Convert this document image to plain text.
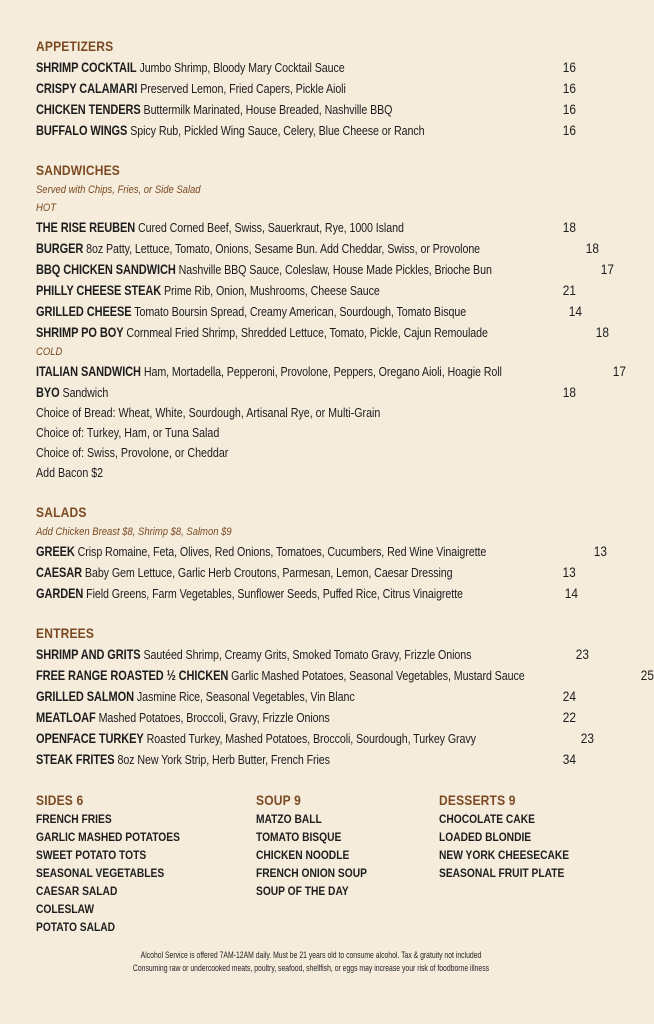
APPETIZERS
SHRIMP COCKTAIL Jumbo Shrimp, Bloody Mary Cocktail Sauce	16
CRISPY CALAMARI Preserved Lemon, Fried Capers, Pickle Aioli	16
CHICKEN TENDERS Buttermilk Marinated, House Breaded, Nashville BBQ	16
BUFFALO WINGS Spicy Rub, Pickled Wing Sauce, Celery, Blue Cheese or Ranch	16
SANDWICHES
Served with Chips, Fries, or Side Salad
HOT
THE RISE REUBEN Cured Corned Beef, Swiss, Sauerkraut, Rye, 1000 Island	18
BURGER 8oz Patty, Lettuce, Tomato, Onions, Sesame Bun. Add Cheddar, Swiss, or Provolone	18
BBQ CHICKEN SANDWICH Nashville BBQ Sauce, Coleslaw, House Made Pickles, Brioche Bun	17
PHILLY CHEESE STEAK Prime Rib, Onion, Mushrooms, Cheese Sauce	21
GRILLED CHEESE Tomato Boursin Spread, Creamy American, Sourdough, Tomato Bisque	14
SHRIMP PO BOY Cornmeal Fried Shrimp, Shredded Lettuce, Tomato, Pickle, Cajun Remoulade	18
COLD
ITALIAN SANDWICH Ham, Mortadella, Pepperoni, Provolone, Peppers, Oregano Aioli, Hoagie Roll	17
BYO Sandwich	18
Choice of Bread: Wheat, White, Sourdough, Artisanal Rye, or Multi-Grain
Choice of: Turkey, Ham, or Tuna Salad
Choice of: Swiss, Provolone, or Cheddar
Add Bacon $2
SALADS
Add Chicken Breast $8, Shrimp $8, Salmon $9
GREEK Crisp Romaine, Feta, Olives, Red Onions, Tomatoes, Cucumbers, Red Wine Vinaigrette	13
CAESAR Baby Gem Lettuce, Garlic Herb Croutons, Parmesan, Lemon, Caesar Dressing	13
GARDEN Field Greens, Farm Vegetables, Sunflower Seeds, Puffed Rice, Citrus Vinaigrette	14
ENTREES
SHRIMP AND GRITS Sautéed Shrimp, Creamy Grits, Smoked Tomato Gravy, Frizzle Onions	23
FREE RANGE ROASTED ½ CHICKEN Garlic Mashed Potatoes, Seasonal Vegetables, Mustard Sauce	25
GRILLED SALMON Jasmine Rice, Seasonal Vegetables, Vin Blanc	24
MEATLOAF Mashed Potatoes, Broccoli, Gravy, Frizzle Onions	22
OPENFACE TURKEY Roasted Turkey, Mashed Potatoes, Broccoli, Sourdough, Turkey Gravy	23
STEAK FRITES 8oz New York Strip, Herb Butter, French Fries	34
SIDES 6
FRENCH FRIES
GARLIC MASHED POTATOES
SWEET POTATO TOTS
SEASONAL VEGETABLES
CAESAR SALAD
COLESLAW
POTATO SALAD
SOUP 9
MATZO BALL
TOMATO BISQUE
CHICKEN NOODLE
FRENCH ONION SOUP
SOUP OF THE DAY
DESSERTS 9
CHOCOLATE CAKE
LOADED BLONDIE
NEW YORK CHEESECAKE
SEASONAL FRUIT PLATE
Alcohol Service is offered 7AM-12AM daily. Must be 21 years old to consume alcohol. Tax & gratuity not included
Consuming raw or undercooked meats, poultry, seafood, shellfish, or eggs may increase your risk of foodborne illness
